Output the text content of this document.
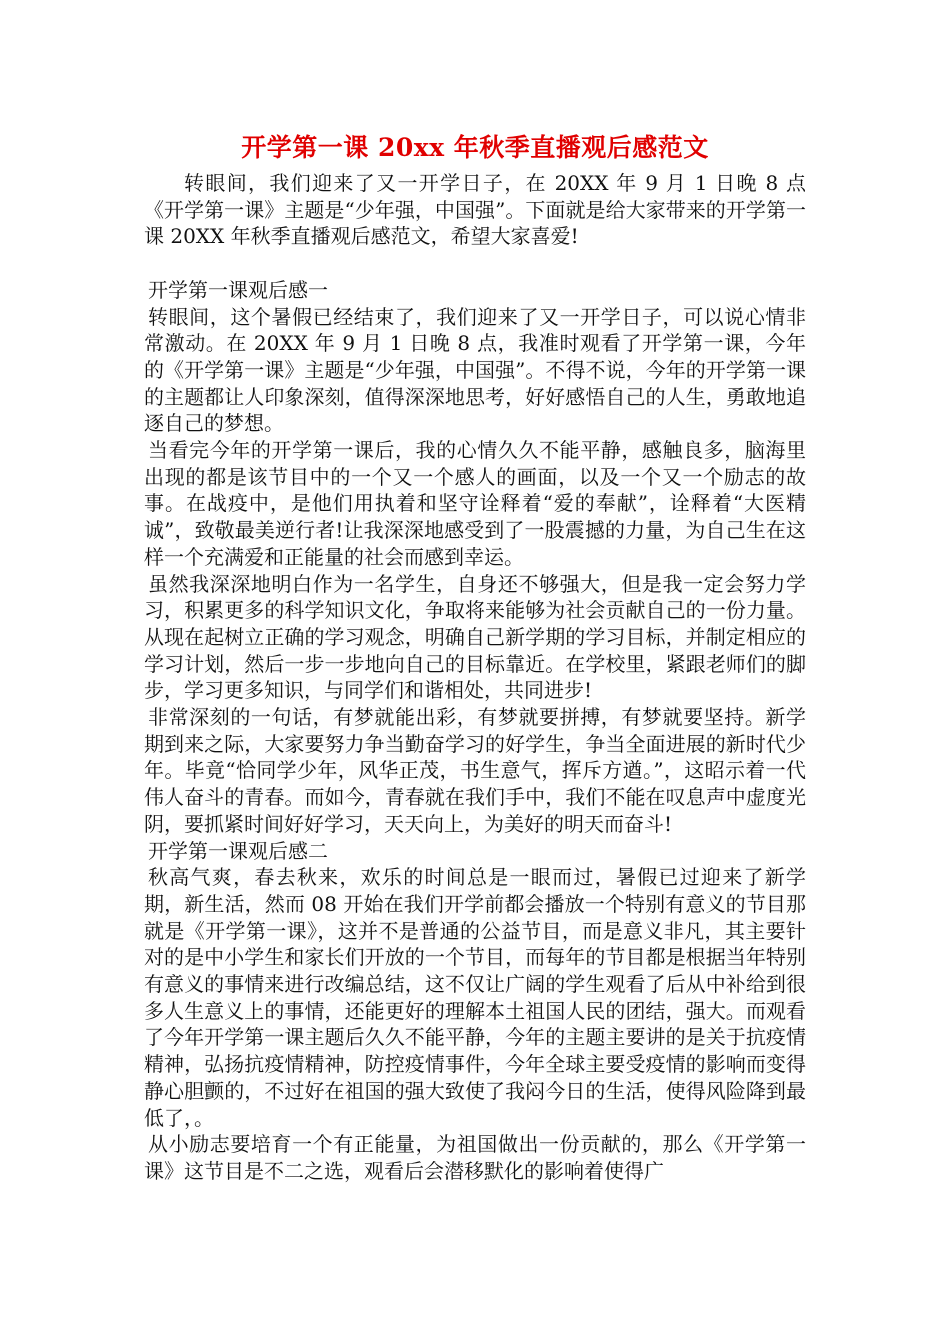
开学第一课 20xx 年秋季直播观后感范文

转眼间，我们迎来了又一开学日子，在 20XX 年 9 月 1 日晚 8 点《开学第一课》主题是“少年强，中国强”。下面就是给大家带来的开学第一课 20XX 年秋季直播观后感范文，希望大家喜爱!

开学第一课观后感一

转眼间，这个暑假已经结束了，我们迎来了又一开学日子，可以说心情非常激动。在 20XX 年 9 月 1 日晚 8 点，我准时观看了开学第一课，今年的《开学第一课》主题是“少年强，中国强”。不得不说，今年的开学第一课的主题都让人印象深刻，值得深深地思考，好好感悟自己的人生，勇敢地追逐自己的梦想。

当看完今年的开学第一课后，我的心情久久不能平静，感触良多，脑海里出现的都是该节目中的一个又一个感人的画面，以及一个又一个励志的故事。在战疫中，是他们用执着和坚守诠释着“爱的奉献”，诠释着“大医精诚”，致敬最美逆行者!让我深深地感受到了一股震撼的力量，为自己生在这样一个充满爱和正能量的社会而感到幸运。

虽然我深深地明白作为一名学生，自身还不够强大，但是我一定会努力学习，积累更多的科学知识文化，争取将来能够为社会贡献自己的一份力量。从现在起树立正确的学习观念，明确自己新学期的学习目标，并制定相应的学习计划，然后一步一步地向自己的目标靠近。在学校里，紧跟老师们的脚步，学习更多知识，与同学们和谐相处，共同进步!

非常深刻的一句话，有梦就能出彩，有梦就要拼搏，有梦就要坚持。新学期到来之际，大家要努力争当勤奋学习的好学生，争当全面进展的新时代少年。毕竟“恰同学少年，风华正茂，书生意气，挥斥方遒。”，这昭示着一代伟人奋斗的青春。而如今，青春就在我们手中，我们不能在叹息声中虚度光阴，要抓紧时间好好学习，天天向上，为美好的明天而奋斗!

开学第一课观后感二

秋高气爽，春去秋来，欢乐的时间总是一眼而过，暑假已过迎来了新学期，新生活，然而 08 开始在我们开学前都会播放一个特别有意义的节目那就是《开学第一课》，这并不是普通的公益节目，而是意义非凡，其主要针对的是中小学生和家长们开放的一个节目，而每年的节目都是根据当年特别有意义的事情来进行改编总结，这不仅让广阔的学生观看了后从中补给到很多人生意义上的事情，还能更好的理解本土祖国人民的团结，强大。而观看了今年开学第一课主题后久久不能平静，今年的主题主要讲的是关于抗疫情精神，弘扬抗疫情精神，防控疫情事件，今年全球主要受疫情的影响而变得静心胆颤的，不过好在祖国的强大致使了我闷今日的生活，使得风险降到最低了，。

从小励志要培育一个有正能量，为祖国做出一份贡献的，那么《开学第一课》这节目是不二之选，观看后会潜移默化的影响着使得广
